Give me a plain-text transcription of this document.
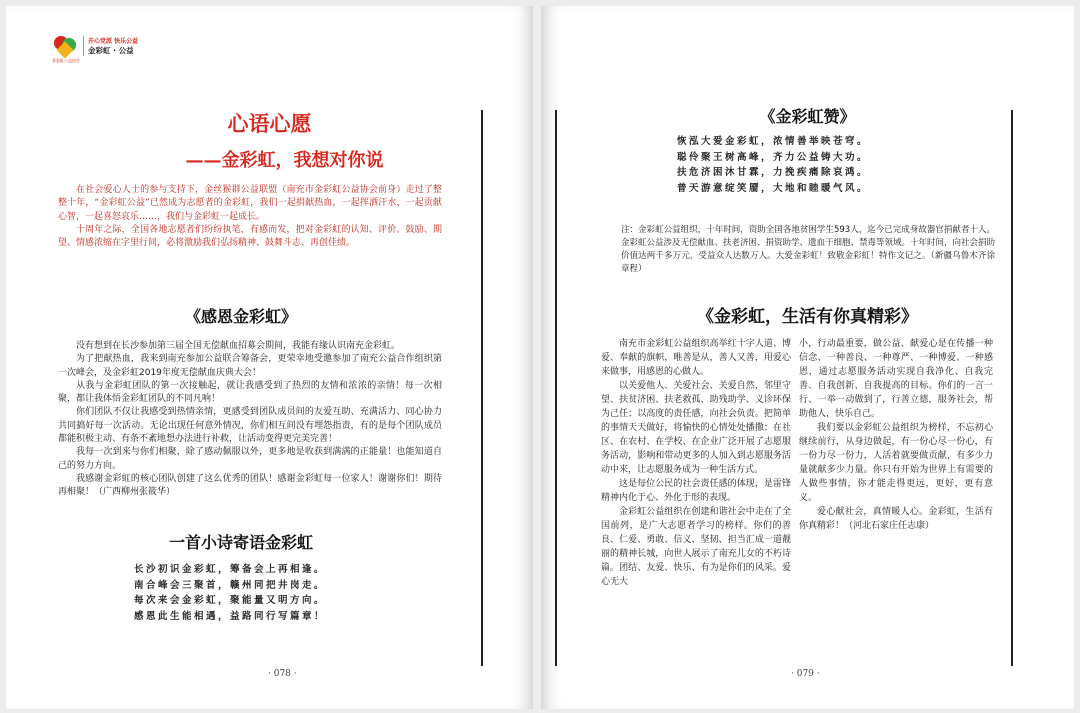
金彩虹公益协会
开心党派 快乐公益
金彩虹 · 公益
心语心愿
——金彩虹，我想对你说

在社会爱心人士的参与支持下，金丝猴群公益联盟（南充市金彩虹公益协会前身）走过了整整十年，“金彩虹公益”已然成为志愿者的金彩虹，我们一起捐献热血，一起挥洒汗水，一起贡献心智，一起喜怒哀乐……，我们与金彩虹一起成长。

十周年之际，全国各地志愿者们纷纷执笔，有感而发，把对金彩虹的认知、评价、鼓励、期望、情感浓缩在字里行间，必将激励我们弘扬精神、鼓舞斗志、再创佳绩。

《感恩金彩虹》

没有想到在长沙参加第三届全国无偿献血招募会期间，我能有缘认识南充金彩虹。

为了把献热血，我来到南充参加公益联合筹备会，更荣幸地受邀参加了南充公益合作组织第一次峰会，及金彩虹2019年度无偿献血庆典大会！

从我与金彩虹团队的第一次接触起，就让我感受到了热烈的友情和浓浓的亲情！每一次相聚，都让我体悟金彩虹团队的不同凡响！

你们团队不仅让我感受到热情亲情，更感受到团队成员间的友爱互助、充满活力、同心协力共同搞好每一次活动。无论出现任何意外情况，你们相互间没有埋怨指责，有的是每个团队成员都能积极主动、有条不紊地想办法进行补救，让活动变得更完美完善！

我每一次到来与你们相聚，除了感动佩服以外，更多地是收获到满满的正能量！也能知道自己的努力方向。

我感谢金彩虹的核心团队创建了这么优秀的团队！感谢金彩虹每一位家人！谢谢你们！期待再相聚！（广西柳州张筱华）

一首小诗寄语金彩虹
长沙初识金彩虹，筹备会上再相逢。
南合峰会三聚首，赣州同把井岗走。
每次来会金彩虹，聚能量又明方向。
感恩此生能相遇，益路同行写篇章！
· 078 ·
《金彩虹赞》
恢泓大爱金彩虹，浓情善举映苍穹。
聪伶聚王树高峰，齐力公益铸大功。
扶危济困沐甘霖，力挽疾痛除哀鸿。
普天游意绽笑靥，大地和睦暖气风。
注：金彩虹公益组织，十年时间，资助全国各地贫困学生593人，迄今已完成身故器官捐献者十人。金彩虹公益涉及无偿献血、扶老济困、捐资助学、遗血干细胞、禁毒等领域。十年时间，向社会捐助价值达两千多万元，受益众人达数万人。大爱金彩虹！致敬金彩虹！特作文记之。（新疆乌鲁木齐徐章程）
《金彩虹，生活有你真精彩》

南充市金彩虹公益组织高举红十字人道、博爱、奉献的旗帜，唯善是从，善人又善，用爱心来做事，用感恩的心做人。

以关爱他人、关爱社会、关爱自然，邻里守望、扶贫济困、扶老救孤、助残助学、义诊环保为己任；以高度的责任感，向社会负责。把简单的事情天天做好，将愉快的心情处处播撒；在社区、在农村、在学校、在企业广泛开展了志愿服务活动，影响和带动更多的人加入到志愿服务活动中来，让志愿服务成为一种生活方式。

这是每位公民的社会责任感的体现，是雷锋精神内化于心、外化于形的表现。

金彩虹公益组织在创建和谐社会中走在了全国前列，是广大志愿者学习的榜样。你们的善良、仁爱、勇敢、信义、坚韧、担当汇成一道靓丽的精神长城，向世人展示了南充儿女的不朽诗篇。团结、友爱、快乐、有为是你们的风采。爱心无大

小，行动最重要，做公益、献爱心是在传播一种信念、一种善良、一种尊严、一种博爱、一种感恩，通过志愿服务活动实现自我净化、自我完善、自我创新、自我提高的目标。你们的一言一行、一举一动做到了，行善立德，服务社会，帮助他人，快乐自己。

我们要以金彩虹公益组织为榜样，不忘初心继续前行，从身边做起，有一份心尽一份心，有一份力尽一份力，人活着就要做贡献，有多少力量就献多少力量。你只有开始为世界上有需要的人做些事情，你才能走得更远，更好，更有意义。

爱心献社会，真情暖人心。金彩虹，生活有你真精彩！（河北石家庄任志康）

· 079 ·
